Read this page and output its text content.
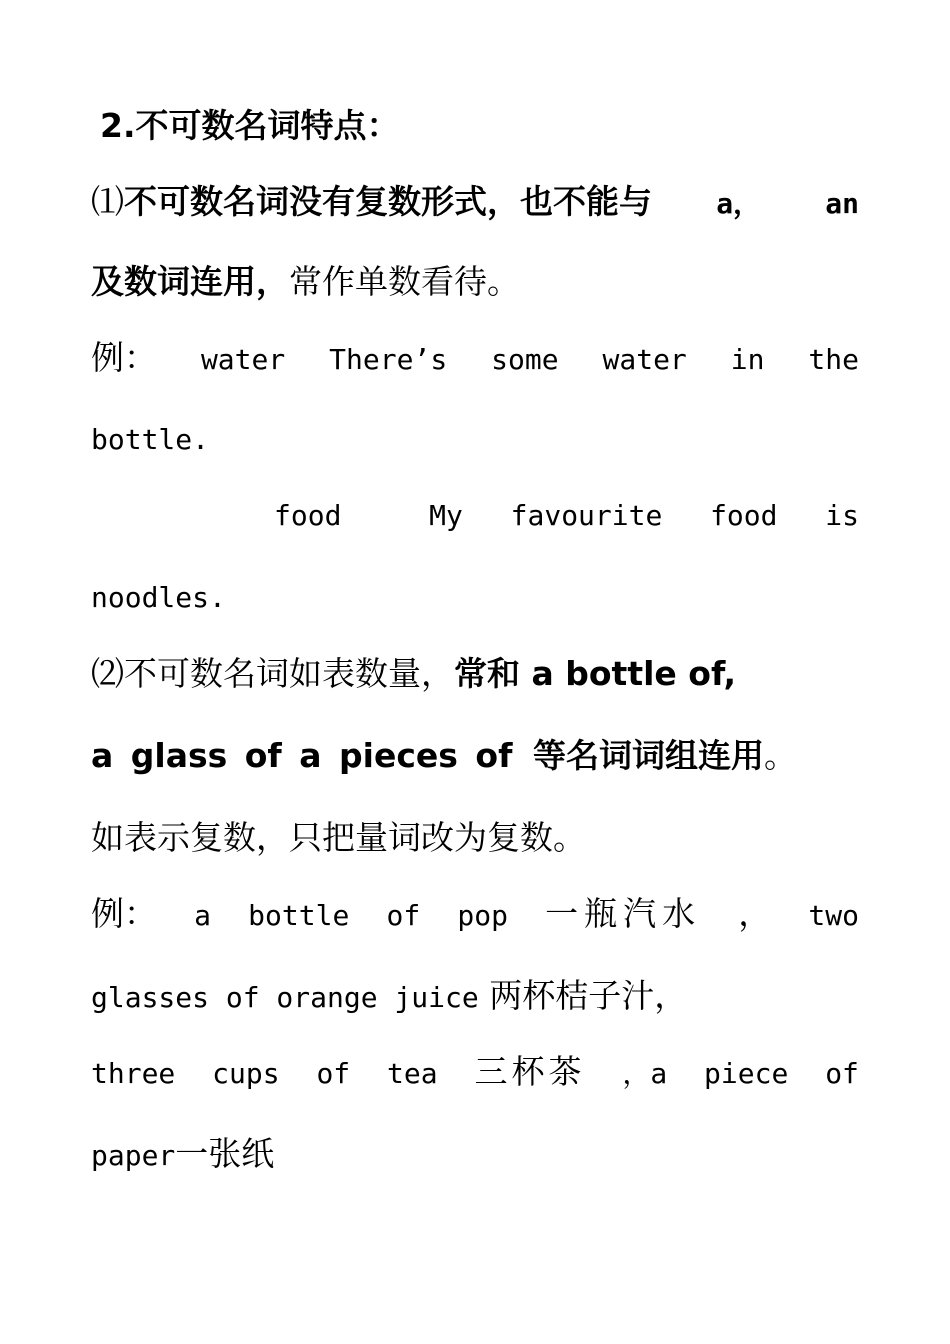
2.不可数名词特点：
⑴不可数名词没有复数形式，也不能与 a， an
及数词连用，常作单数看待。
例： water There’s some water in the
bottle.
food	My favourite food is
noodles.
⑵不可数名词如表数量，常和 a bottle of,
a glass of a pieces of 等名词词组连用。
如表示复数，只把量词改为复数。
例： a bottle of pop 一瓶汽水 ， two
glasses of orange juice 两杯桔子汁，
three cups of tea 三杯茶 ，a piece of
paper一张纸
